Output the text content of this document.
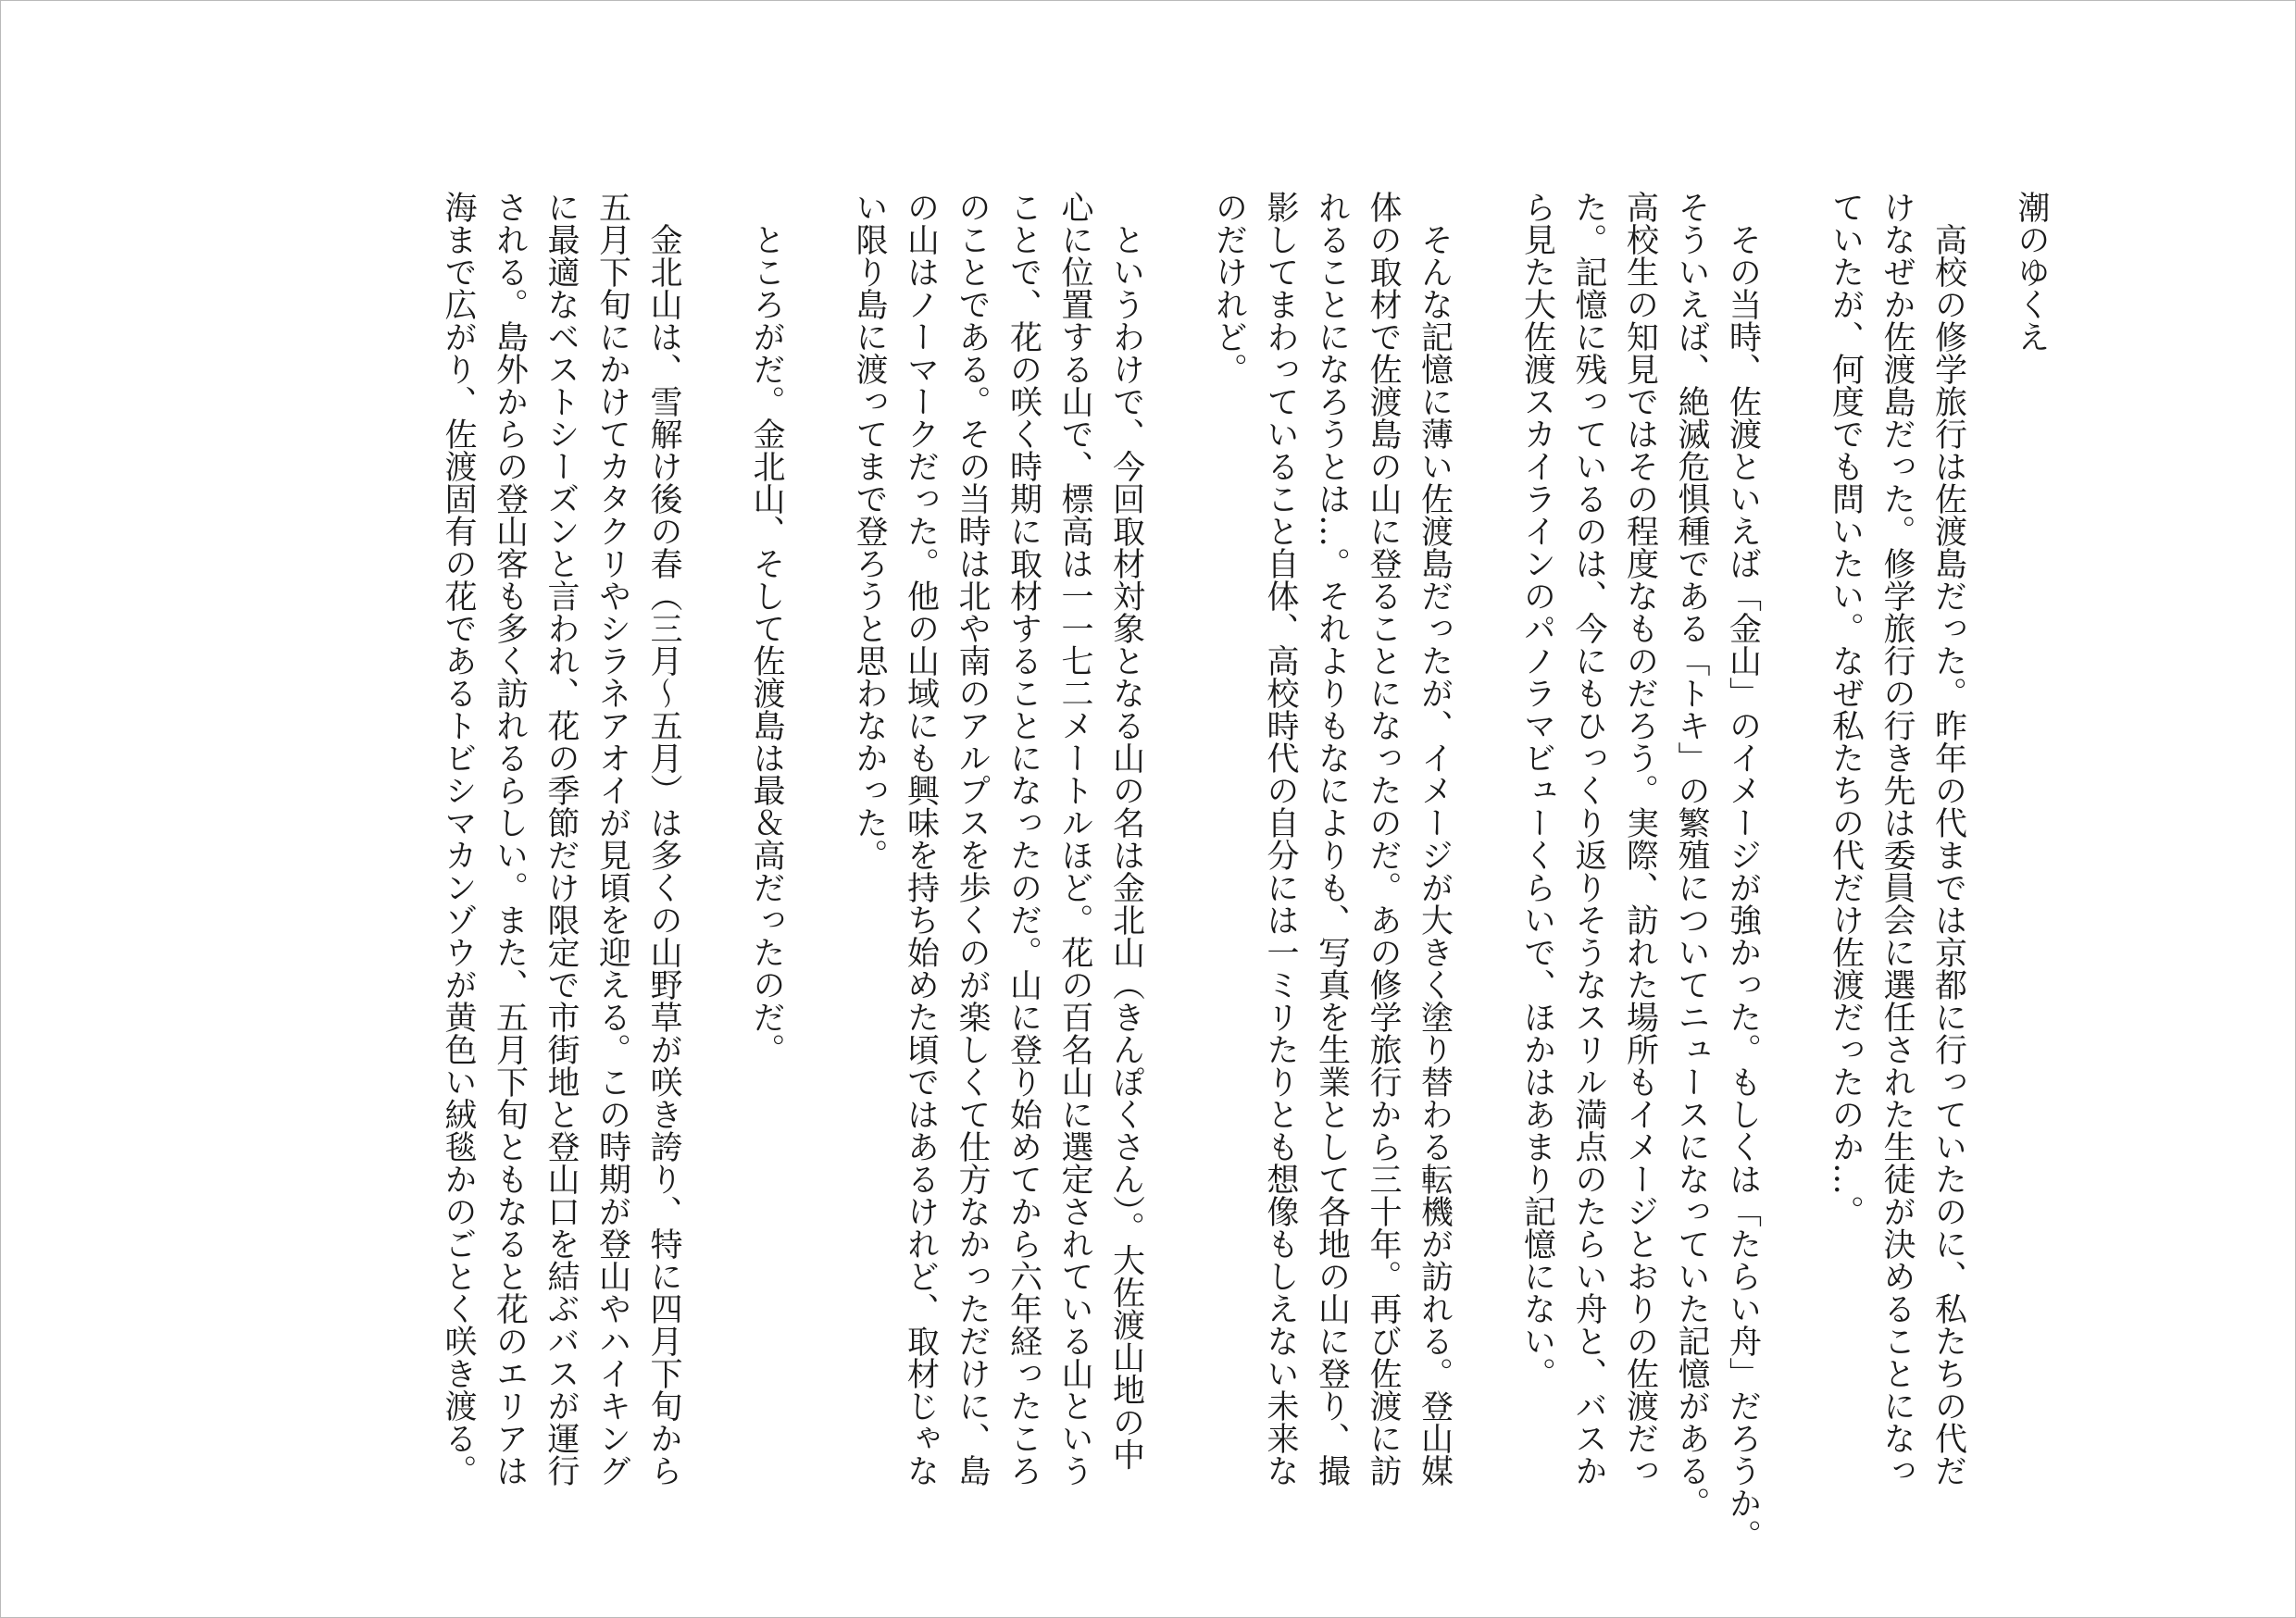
潮のゆくえ
　高校の修学旅行は佐渡島だった。昨年の代までは京都に行っていたのに、私たちの代だ
けなぜか佐渡島だった。修学旅行の行き先は委員会に選任された生徒が決めることになっ
ていたが、何度でも問いたい。なぜ私たちの代だけ佐渡だったのか…。
　その当時、佐渡といえば「金山」のイメージが強かった。もしくは「たらい舟」だろうか。
そういえば、絶滅危惧種である「トキ」の繁殖についてニュースになっていた記憶がある。
高校生の知見ではその程度なものだろう。実際、訪れた場所もイメージとおりの佐渡だっ
た。記憶に残っているのは、今にもひっくり返りそうなスリル満点のたらい舟と、バスか
ら見た大佐渡スカイラインのパノラマビューくらいで、ほかはあまり記憶にない。
　そんな記憶に薄い佐渡島だったが、イメージが大きく塗り替わる転機が訪れる。登山媒
体の取材で佐渡島の山に登ることになったのだ。あの修学旅行から三十年。再び佐渡に訪
れることになろうとは…。それよりもなによりも、写真を生業として各地の山に登り、撮
影してまわっていること自体、高校時代の自分には一ミリたりとも想像もしえない未来な
のだけれど。
　というわけで、今回取材対象となる山の名は金北山（きんぽくさん）。大佐渡山地の中
心に位置する山で、標高は一一七二メートルほど。花の百名山に選定されている山という
ことで、花の咲く時期に取材することになったのだ。山に登り始めてから六年経ったころ
のことである。その当時は北や南のアルプスを歩くのが楽しくて仕方なかっただけに、島
の山はノーマークだった。他の山域にも興味を持ち始めた頃ではあるけれど、取材じゃな
い限り島に渡ってまで登ろうと思わなかった。
　ところがだ。金北山、そして佐渡島は最＆高だったのだ。
　金北山は、雪解け後の春（三月〜五月）は多くの山野草が咲き誇り、特に四月下旬から
五月下旬にかけてカタクリやシラネアオイが見頃を迎える。この時期が登山やハイキング
に最適なベストシーズンと言われ、花の季節だけ限定で市街地と登山口を結ぶバスが運行
される。島外からの登山客も多く訪れるらしい。また、五月下旬ともなると花のエリアは
海まで広がり、佐渡固有の花であるトビシマカンゾウが黄色い絨毯かのごとく咲き渡る。
